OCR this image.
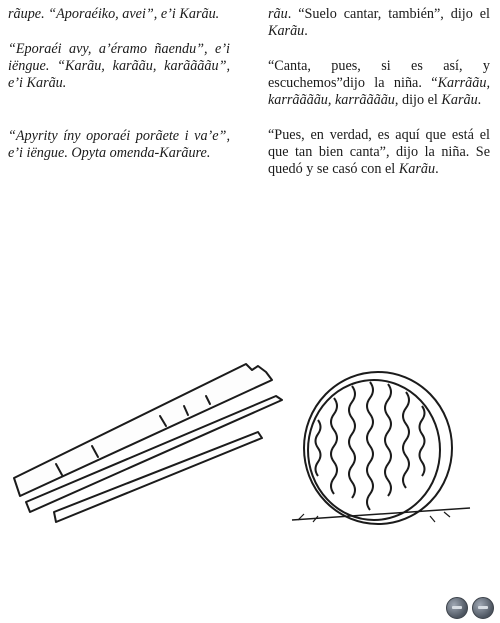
rãupe. “Aporaéiko, avei”, e’i Karãu.

“Eporaéi avy, a’éramo ñaendu”, e’i iëngue. “Karãu, karããu, karããããu”, e’i Karãu.

“Apyrity íny oporaéi porãete i va’e”, e’i iëngue. Opyta omenda-Karãure.

rãu. “Suelo cantar, también”, dijo el Karãu.

“Canta, pues, si es así, y escuchemos”dijo la niña. “Karrããu, karrããããu, karrããããu, dijo el Karãu.

“Pues, en verdad, es aquí que está el que tan bien canta”, dijo la niña. Se quedó y se casó con el Karãu.
